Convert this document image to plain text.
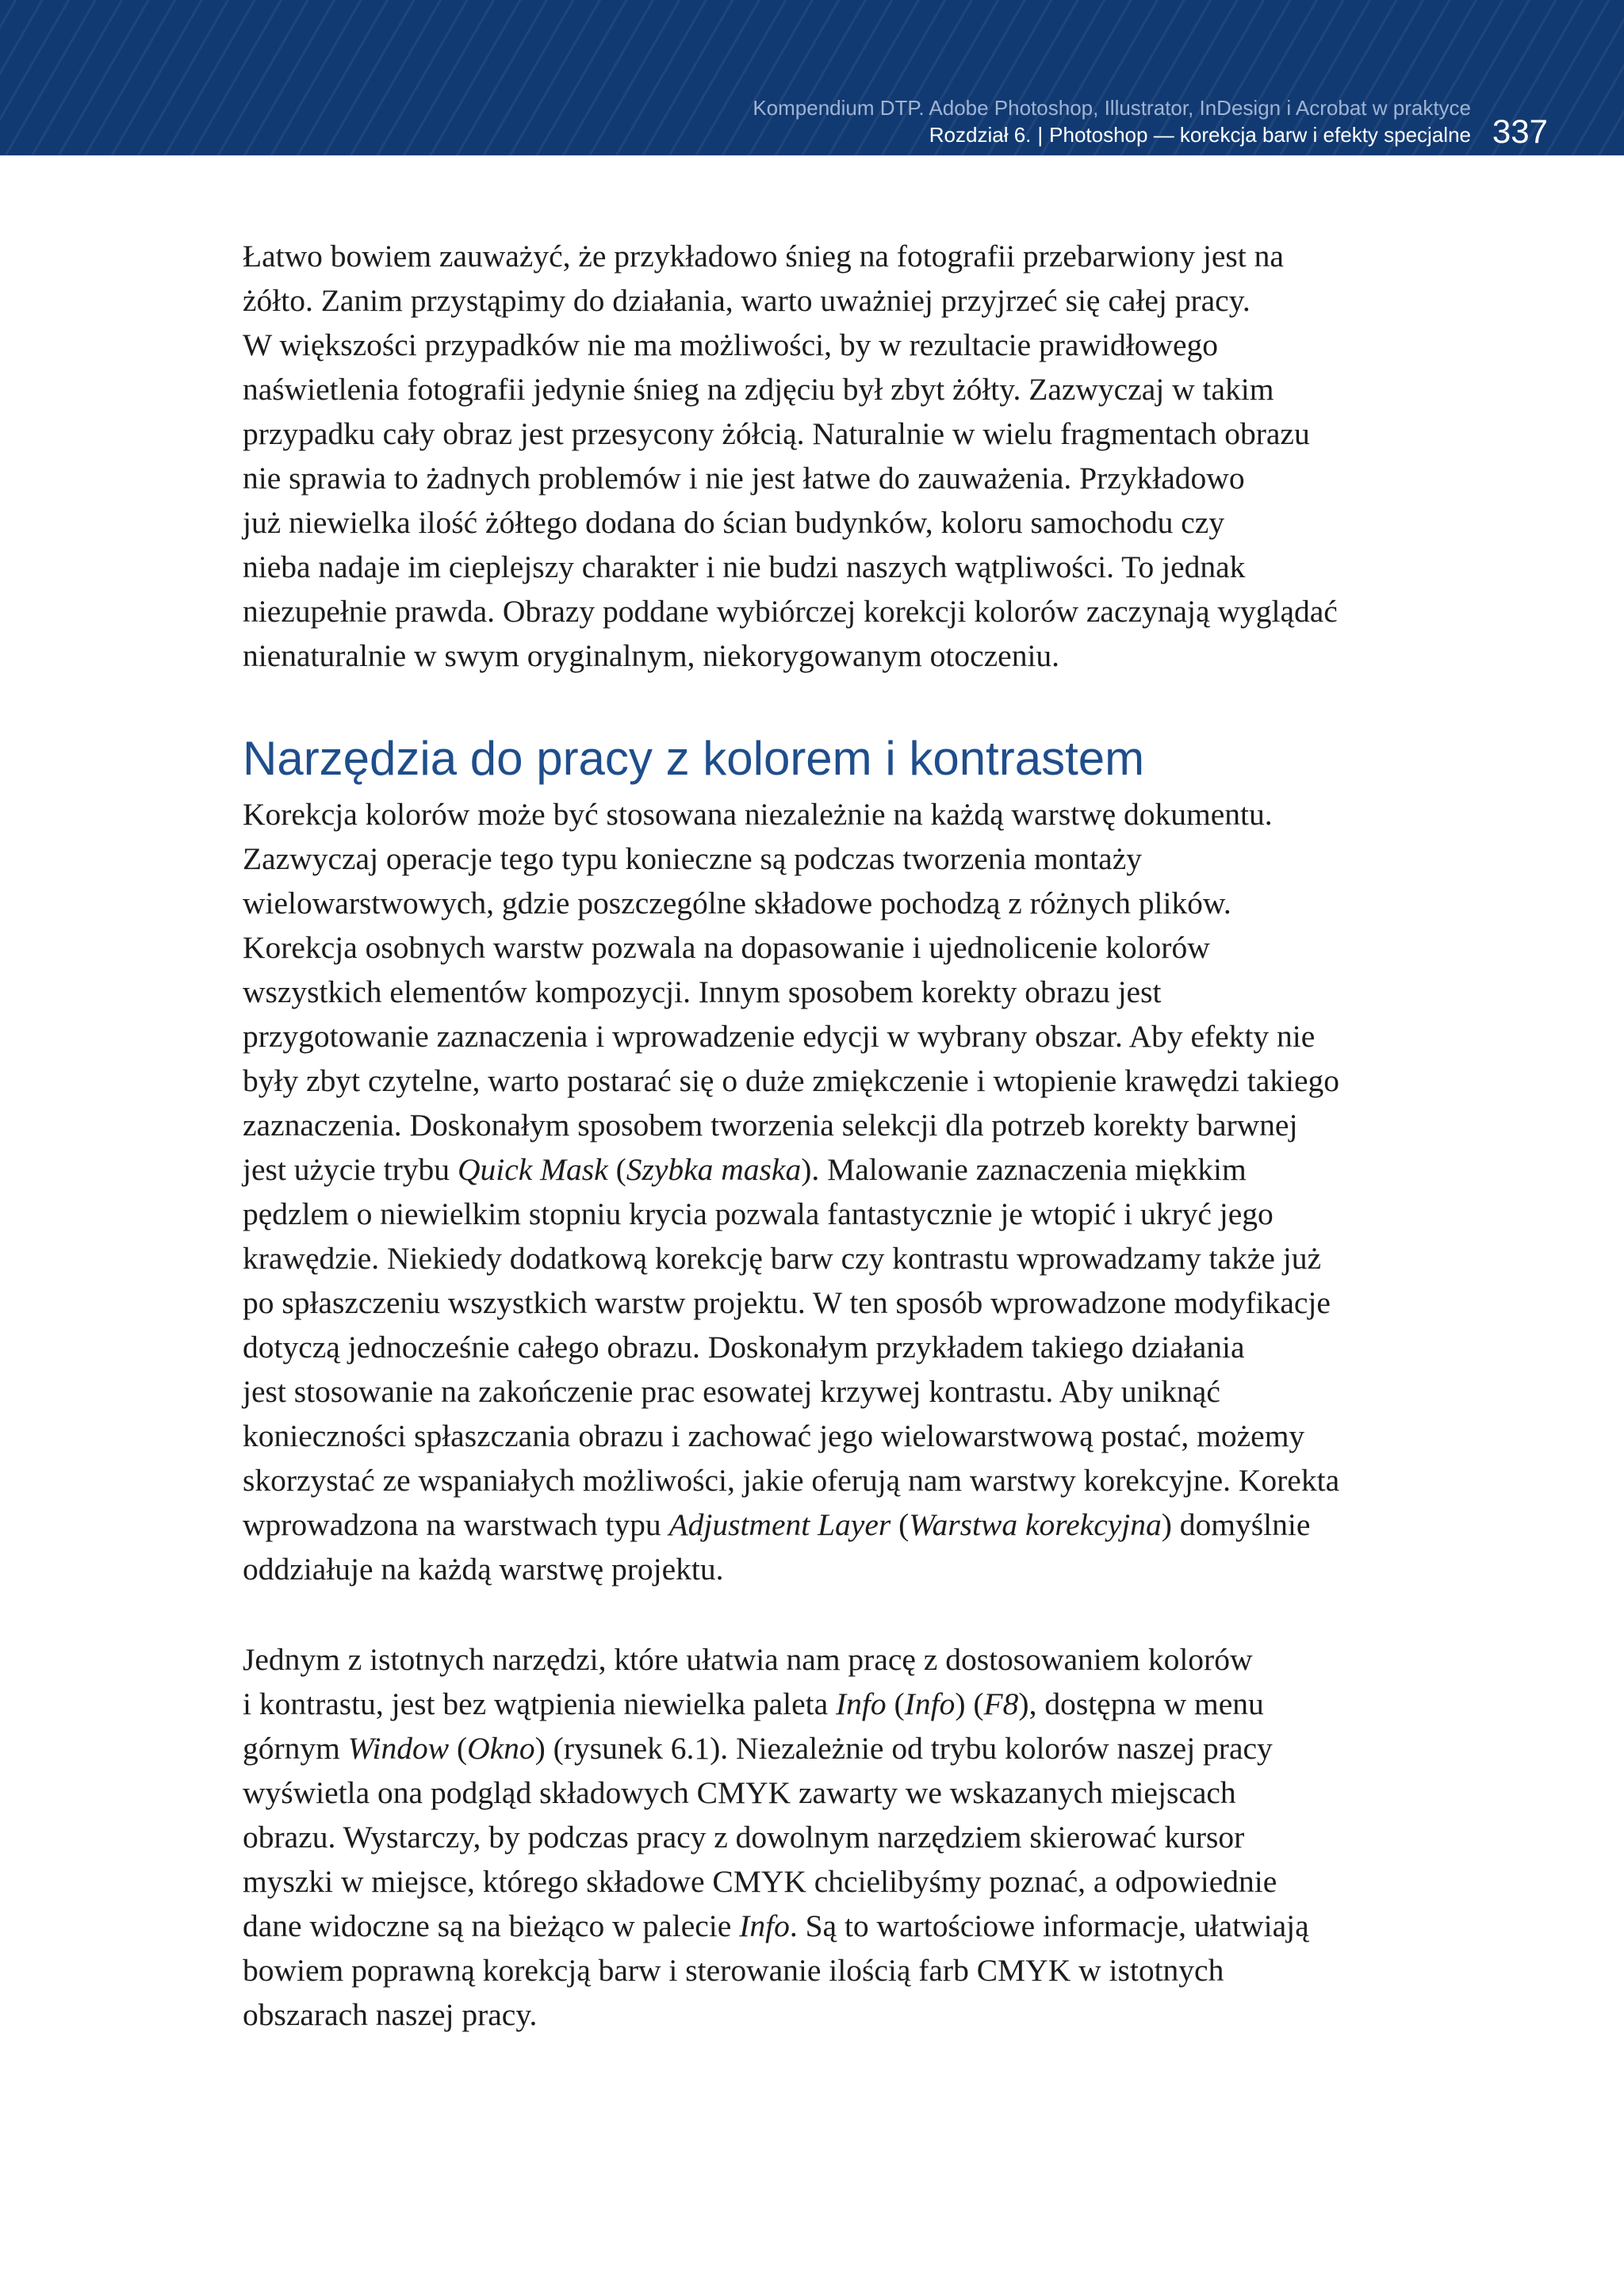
Kompendium DTP. Adobe Photoshop, Illustrator, InDesign i Acrobat w praktyce
Rozdział 6. | Photoshop — korekcja barw i efekty specjalne 337

Łatwo bowiem zauważyć, że przykładowo śnieg na fotografii przebarwiony jest na
żółto. Zanim przystąpimy do działania, warto uważniej przyjrzeć się całej pracy.
W większości przypadków nie ma możliwości, by w rezultacie prawidłowego
naświetlenia fotografii jedynie śnieg na zdjęciu był zbyt żółty. Zazwyczaj w takim
przypadku cały obraz jest przesycony żółcią. Naturalnie w wielu fragmentach obrazu
nie sprawia to żadnych problemów i nie jest łatwe do zauważenia. Przykładowo
już niewielka ilość żółtego dodana do ścian budynków, koloru samochodu czy
nieba nadaje im cieplejszy charakter i nie budzi naszych wątpliwości. To jednak
niezupełnie prawda. Obrazy poddane wybiórczej korekcji kolorów zaczynają wyglądać
nienaturalnie w swym oryginalnym, niekorygowanym otoczeniu.

Narzędzia do pracy z kolorem i kontrastem

Korekcja kolorów może być stosowana niezależnie na każdą warstwę dokumentu.
Zazwyczaj operacje tego typu konieczne są podczas tworzenia montaży
wielowarstwowych, gdzie poszczególne składowe pochodzą z różnych plików.
Korekcja osobnych warstw pozwala na dopasowanie i ujednolicenie kolorów
wszystkich elementów kompozycji. Innym sposobem korekty obrazu jest
przygotowanie zaznaczenia i wprowadzenie edycji w wybrany obszar. Aby efekty nie
były zbyt czytelne, warto postarać się o duże zmiękczenie i wtopienie krawędzi takiego
zaznaczenia. Doskonałym sposobem tworzenia selekcji dla potrzeb korekty barwnej
jest użycie trybu Quick Mask (Szybka maska). Malowanie zaznaczenia miękkim
pędzlem o niewielkim stopniu krycia pozwala fantastycznie je wtopić i ukryć jego
krawędzie. Niekiedy dodatkową korekcję barw czy kontrastu wprowadzamy także już
po spłaszczeniu wszystkich warstw projektu. W ten sposób wprowadzone modyfikacje
dotyczą jednocześnie całego obrazu. Doskonałym przykładem takiego działania
jest stosowanie na zakończenie prac esowatej krzywej kontrastu. Aby uniknąć
konieczności spłaszczania obrazu i zachować jego wielowarstwową postać, możemy
skorzystać ze wspaniałych możliwości, jakie oferują nam warstwy korekcyjne. Korekta
wprowadzona na warstwach typu Adjustment Layer (Warstwa korekcyjna) domyślnie
oddziałuje na każdą warstwę projektu.

Jednym z istotnych narzędzi, które ułatwia nam pracę z dostosowaniem kolorów
i kontrastu, jest bez wątpienia niewielka paleta Info (Info) (F8), dostępna w menu
górnym Window (Okno) (rysunek 6.1). Niezależnie od trybu kolorów naszej pracy
wyświetla ona podgląd składowych CMYK zawarty we wskazanych miejscach
obrazu. Wystarczy, by podczas pracy z dowolnym narzędziem skierować kursor
myszki w miejsce, którego składowe CMYK chcielibyśmy poznać, a odpowiednie
dane widoczne są na bieżąco w palecie Info. Są to wartościowe informacje, ułatwiają
bowiem poprawną korekcją barw i sterowanie ilością farb CMYK w istotnych
obszarach naszej pracy.
